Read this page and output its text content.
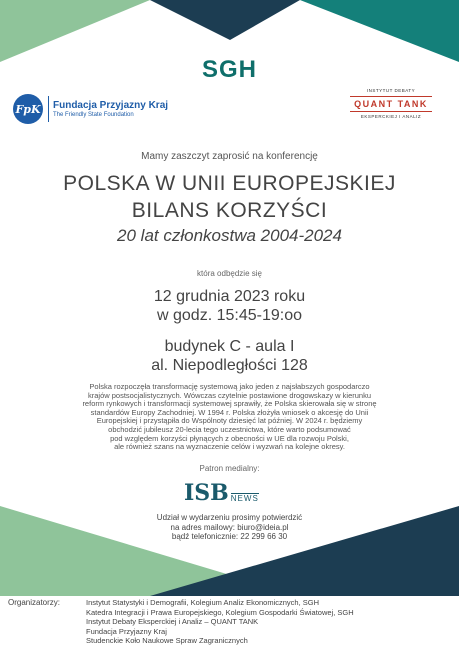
SGH
FpK Fundacja Przyjazny Kraj
The Friendly State Foundation
INSTYTUT DEBATY
QUANT TANK
EKSPERCKIEJ I ANALIZ
Mamy zaszczyt zaprosić na konferencję
POLSKA W UNII EUROPEJSKIEJ
BILANS KORZYŚCI
20 lat członkostwa 2004-2024
która odbędzie się
12 grudnia 2023 roku
w godz. 15:45-19:oo
budynek C - aula I
al. Niepodległości 128

Polska rozpoczęła transformację systemową jako jeden z najsłabszych gospodarczo
krajów postsocjalistycznych. Wówczas czytelnie postawione drogowskazy w kierunku
reform rynkowych i transformacji systemowej sprawiły, że Polska skierowała się w stronę
standardów Europy Zachodniej. W 1994 r. Polska złożyła wniosek o akcesję do Unii
Europejskiej i przystąpiła do Wspólnoty dziesięć lat później. W 2024 r. będziemy
obchodzić jubileusz 20-lecia tego uczestnictwa, które warto podsumować
pod względem korzyści płynących z obecności w UE dla rozwoju Polski,
ale również szans na wyznaczenie celów i wyzwań na kolejne okresy.

Patron medialny:
ISB NEWS
Udział w wydarzeniu prosimy potwierdzić
na adres mailowy: biuro@ideia.pl
bądź telefonicznie: 22 299 66 30
Organizatorzy:	Instytut Statystyki i Demografii, Kolegium Analiz Ekonomicznych, SGH
Katedra Integracji i Prawa Europejskiego, Kolegium Gospodarki Światowej, SGH
Instytut Debaty Eksperckiej i Analiz – QUANT TANK
Fundacja Przyjazny Kraj
Studenckie Koło Naukowe Spraw Zagranicznych
